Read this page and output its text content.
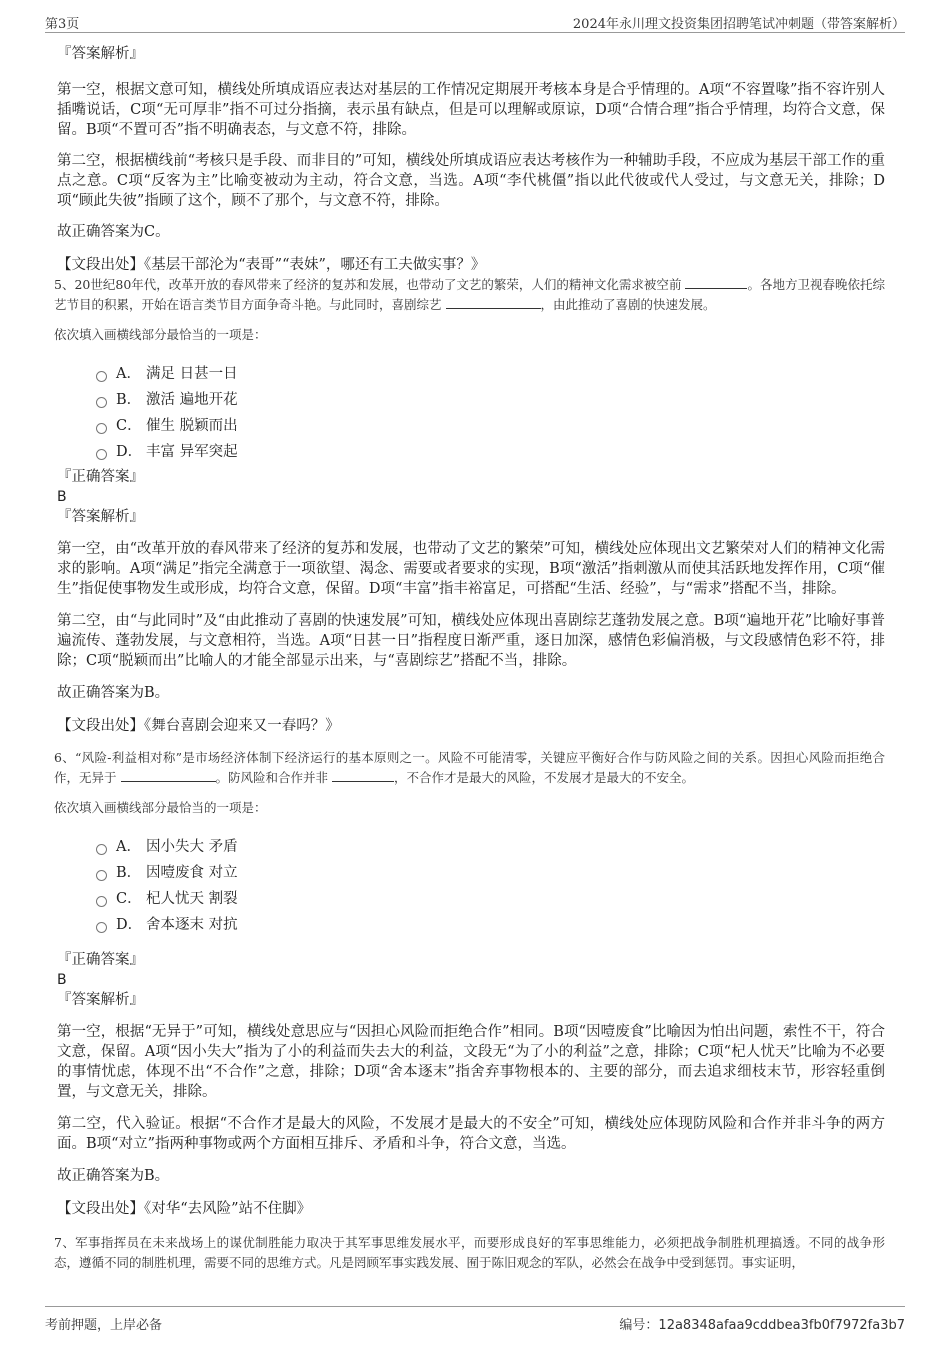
第3页	2024年永川理文投资集团招聘笔试冲刺题（带答案解析）

『答案解析』

第一空，根据文意可知，横线处所填成语应表达对基层的工作情况定期展开考核本身是合乎情理的。A项“不容置喙”指不容许别人插嘴说话，C项“无可厚非”指不可过分指摘，表示虽有缺点，但是可以理解或原谅，D项“合情合理”指合乎情理，均符合文意，保留。B项“不置可否”指不明确表态，与文意不符，排除。

第二空，根据横线前“考核只是手段、而非目的”可知，横线处所填成语应表达考核作为一种辅助手段，不应成为基层干部工作的重点之意。C项“反客为主”比喻变被动为主动，符合文意，当选。A项“李代桃僵”指以此代彼或代人受过，与文意无关，排除；D项“顾此失彼”指顾了这个，顾不了那个，与文意不符，排除。

故正确答案为C。

【文段出处】《基层干部沦为“表哥”“表妹”，哪还有工夫做实事？》

5、20世纪80年代，改革开放的春风带来了经济的复苏和发展，也带动了文艺的繁荣，人们的精神文化需求被空前	。各地方卫视春晚依托综艺节目的积累，开始在语言类节目方面争奇斗艳。与此同时，喜剧综艺	，由此推动了喜剧的快速发展。

依次填入画横线部分最恰当的一项是：

A． 满足 日甚一日
B． 激活 遍地开花
C． 催生 脱颖而出
D． 丰富 异军突起

『正确答案』

B

『答案解析』

第一空，由“改革开放的春风带来了经济的复苏和发展，也带动了文艺的繁荣”可知，横线处应体现出文艺繁荣对人们的精神文化需求的影响。A项“满足”指完全满意于一项欲望、渴念、需要或者要求的实现，B项“激活”指刺激从而使其活跃地发挥作用，C项“催生”指促使事物发生或形成，均符合文意，保留。D项“丰富”指丰裕富足，可搭配“生活、经验”，与“需求”搭配不当，排除。

第二空，由“与此同时”及“由此推动了喜剧的快速发展”可知，横线处应体现出喜剧综艺蓬勃发展之意。B项“遍地开花”比喻好事普遍流传、蓬勃发展，与文意相符，当选。A项“日甚一日”指程度日渐严重，逐日加深，感情色彩偏消极，与文段感情色彩不符，排除；C项“脱颖而出”比喻人的才能全部显示出来，与“喜剧综艺”搭配不当，排除。

故正确答案为B。

【文段出处】《舞台喜剧会迎来又一春吗？》

6、“风险-利益相对称”是市场经济体制下经济运行的基本原则之一。风险不可能清零，关键应平衡好合作与防风险之间的关系。因担心风险而拒绝合作，无异于	。防风险和合作并非	，不合作才是最大的风险，不发展才是最大的不安全。

依次填入画横线部分最恰当的一项是：

A． 因小失大 矛盾
B． 因噎废食 对立
C． 杞人忧天 割裂
D． 舍本逐末 对抗

『正确答案』

B

『答案解析』

第一空，根据“无异于”可知，横线处意思应与“因担心风险而拒绝合作”相同。B项“因噎废食”比喻因为怕出问题，索性不干，符合文意，保留。A项“因小失大”指为了小的利益而失去大的利益，文段无“为了小的利益”之意，排除；C项“杞人忧天”比喻为不必要的事情忧虑，体现不出“不合作”之意，排除；D项“舍本逐末”指舍弃事物根本的、主要的部分，而去追求细枝末节，形容轻重倒置，与文意无关，排除。

第二空，代入验证。根据“不合作才是最大的风险，不发展才是最大的不安全”可知，横线处应体现防风险和合作并非斗争的两方面。B项“对立”指两种事物或两个方面相互排斥、矛盾和斗争，符合文意，当选。

故正确答案为B。

【文段出处】《对华“去风险”站不住脚》

7、军事指挥员在未来战场上的谋优制胜能力取决于其军事思维发展水平，而要形成良好的军事思维能力，必须把战争制胜机理搞透。不同的战争形态，遵循不同的制胜机理，需要不同的思维方式。凡是罔顾军事实践发展、囿于陈旧观念的军队，必然会在战争中受到惩罚。事实证明，

考前押题，上岸必备	编号：12a8348afaa9cddbea3fb0f7972fa3b7
